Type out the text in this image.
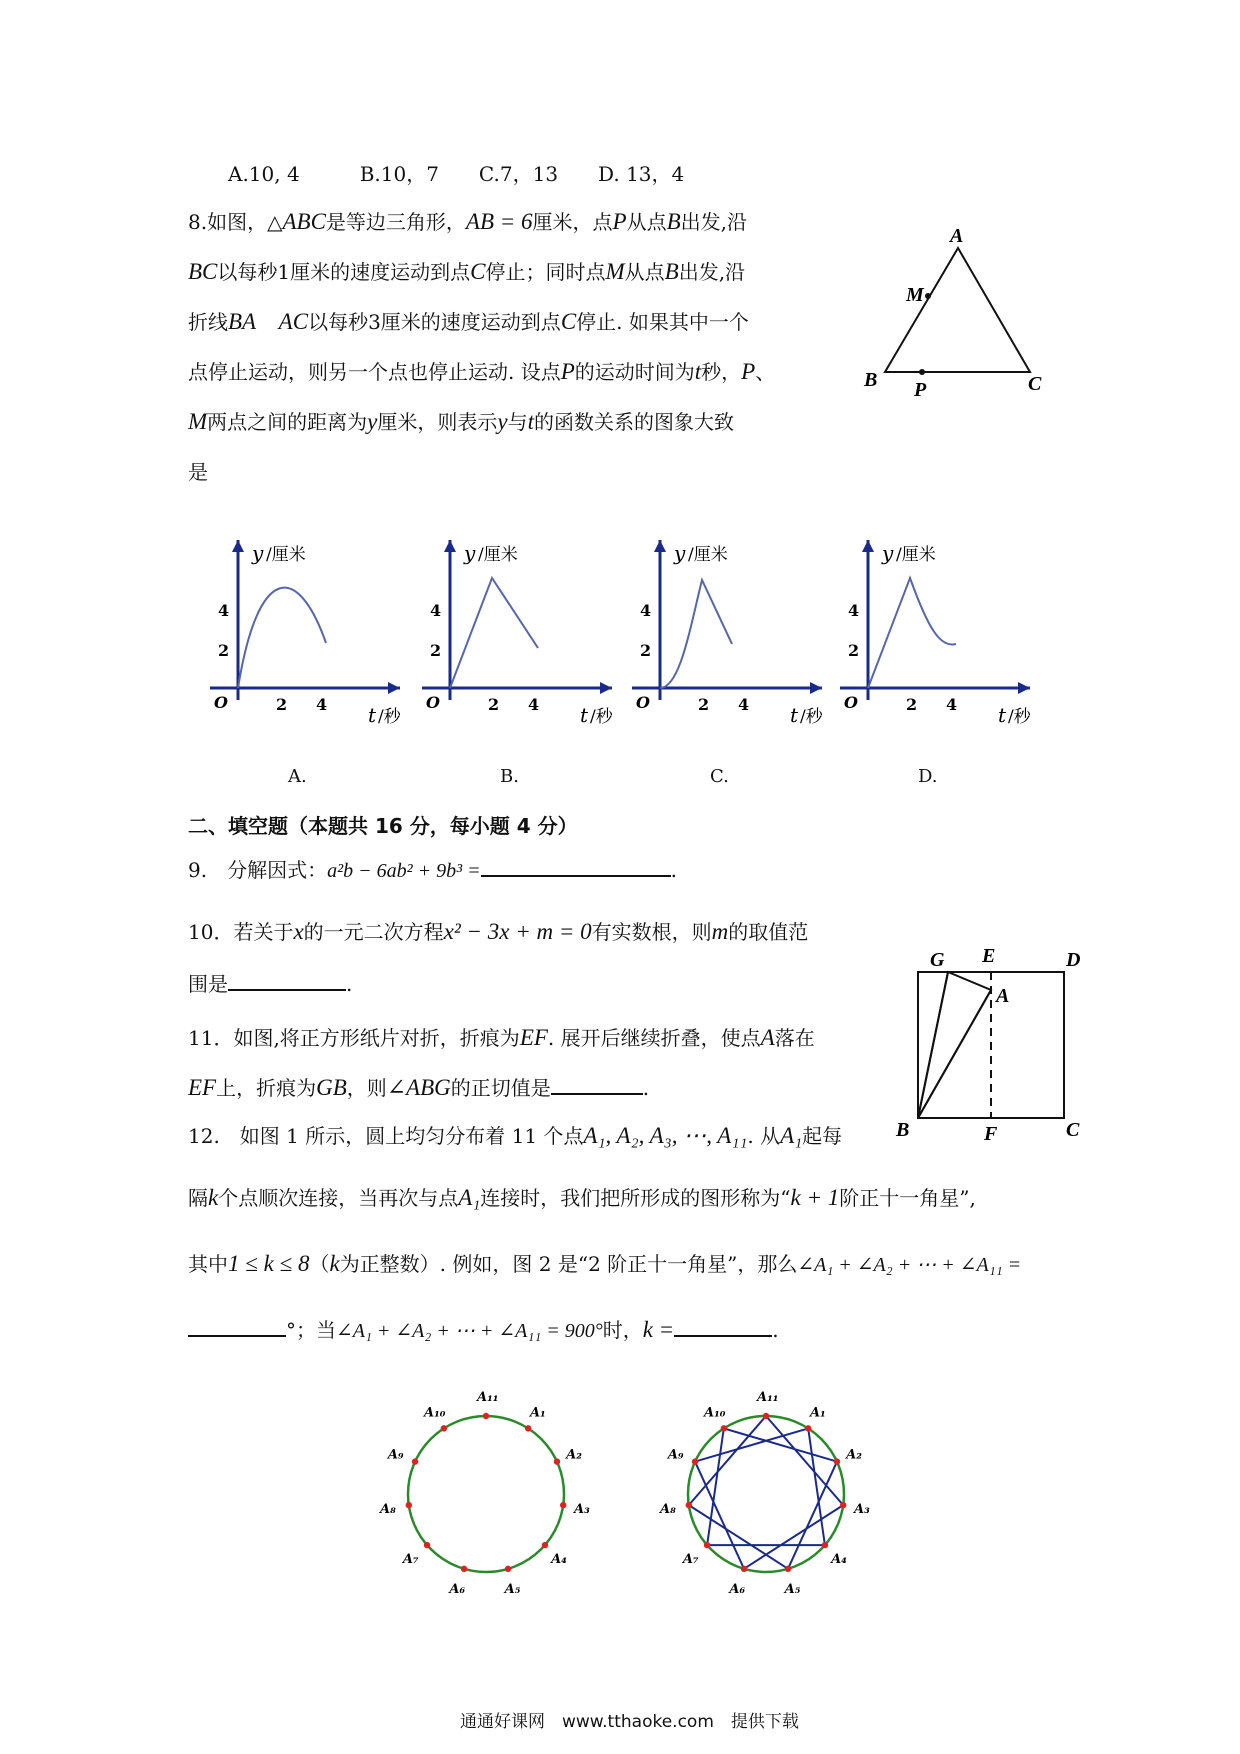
A.10, 4　　　B.10，7　　C.7，13　　D. 13，4
8.如图，△ABC是等边三角形，AB = 6厘米，点P从点B出发,沿
BC以每秒1厘米的速度运动到点C停止；同时点M从点B出发,沿
折线BA　AC以每秒3厘米的速度运动到点C停止. 如果其中一个
点停止运动，则另一个点也停止运动. 设点P的运动时间为t秒，P、
M两点之间的距离为y厘米，则表示y与t的函数关系的图象大致
是
A
M
B P	C
2 4
2
4
O
y /厘米
t /秒
A.
2 4
2
4
O
y /厘米
t /秒
B.
2 4
2
4
O
y /厘米
t /秒
C.
2 4
2
4
O
y /厘米
t /秒
D.
二、填空题（本题共 16 分，每小题 4 分）
9.　分解因式：a²b − 6ab² + 9b³ =	.
10．若关于x的一元二次方程x² − 3x + m = 0有实数根，则m的取值范
围是	.
11．如图,将正方形纸片对折，折痕为EF. 展开后继续折叠，使点A落在
EF上，折痕为GB，则∠ABG的正切值是	.
G E	D
A
B	F	C
12.　如图 1 所示，圆上均匀分布着 11 个点A₁, A₂, A₃, ⋯, A₁₁. 从A₁起每
隔k个点顺次连接，当再次与点A₁连接时，我们把所形成的图形称为“k + 1阶正十一角星”,
其中1 ≤ k ≤ 8（k为正整数）. 例如，图 2 是“2 阶正十一角星”，那么∠A₁ + ∠A₂ + ⋯ + ∠A₁₁ =
°；当∠A₁ + ∠A₂ + ⋯ + ∠A₁₁ = 900°时，k =	.
A₁
A₂
A₃
A₄
A₅
A₆
A₇
A₈
A₉
A₁₀
A₁₁
A₁
A₂
A₃
A₄
A₅
A₆
A₇
A₈
A₉
A₁₀
A₁₁
通通好课网　www.tthaoke.com　提供下载
